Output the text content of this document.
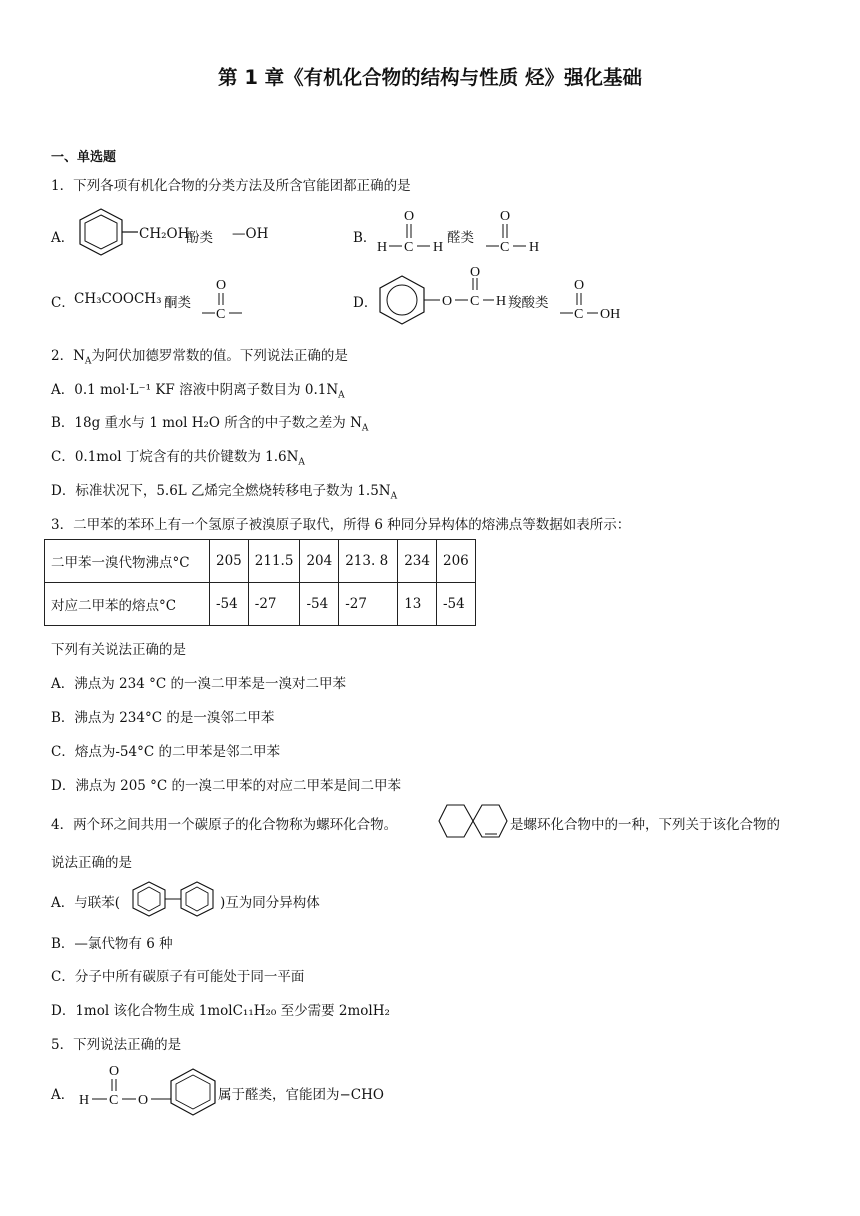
第 1 章《有机化合物的结构与性质 烃》强化基础
一、单选题
1．下列各项有机化合物的分类方法及所含官能团都正确的是
A．	CH₂OH
酚类 —OH	B．
O
H C H
醛类
O
C H
C． CH₃COOCH₃ 酮类
O
C
D．	O C
O
H 羧酸类
O
C OH
2．$N_A$为阿伏加德罗常数的值。下列说法正确的是
A．0.1 mol·L⁻¹ KF 溶液中阴离子数目为 $0.1N_A$
B．18g 重水与 1 mol H₂O 所含的中子数之差为 $N_A$
C．0.1mol 丁烷含有的共价键数为 $1.6N_A$
D．标准状况下，5.6L 乙烯完全燃烧转移电子数为 $1.5N_A$
3．二甲苯的苯环上有一个氢原子被溴原子取代，所得 6 种同分异构体的熔沸点等数据如表所示：
二甲苯一溴代物沸点°C	205	211.5	204	213. 8	234	206
对应二甲苯的熔点°C	-54	-27	-54	-27	13	-54
下列有关说法正确的是
A．沸点为 234 °C 的一溴二甲苯是一溴对二甲苯
B．沸点为 234°C 的是一溴邻二甲苯
C．熔点为-54°C 的二甲苯是邻二甲苯
D．沸点为 205 °C 的一溴二甲苯的对应二甲苯是间二甲苯
4．两个环之间共用一个碳原子的化合物称为螺环化合物。	是螺环化合物中的一种，下列关于该化合物的
说法正确的是
A．与联苯(	)互为同分异构体
B．—氯代物有 6 种
C．分子中所有碳原子有可能处于同一平面
D．1mol 该化合物生成 1molC₁₁H₂₀ 至少需要 2molH₂
5．下列说法正确的是
A．
O
H C O	属于醛类，官能团为−CHO
